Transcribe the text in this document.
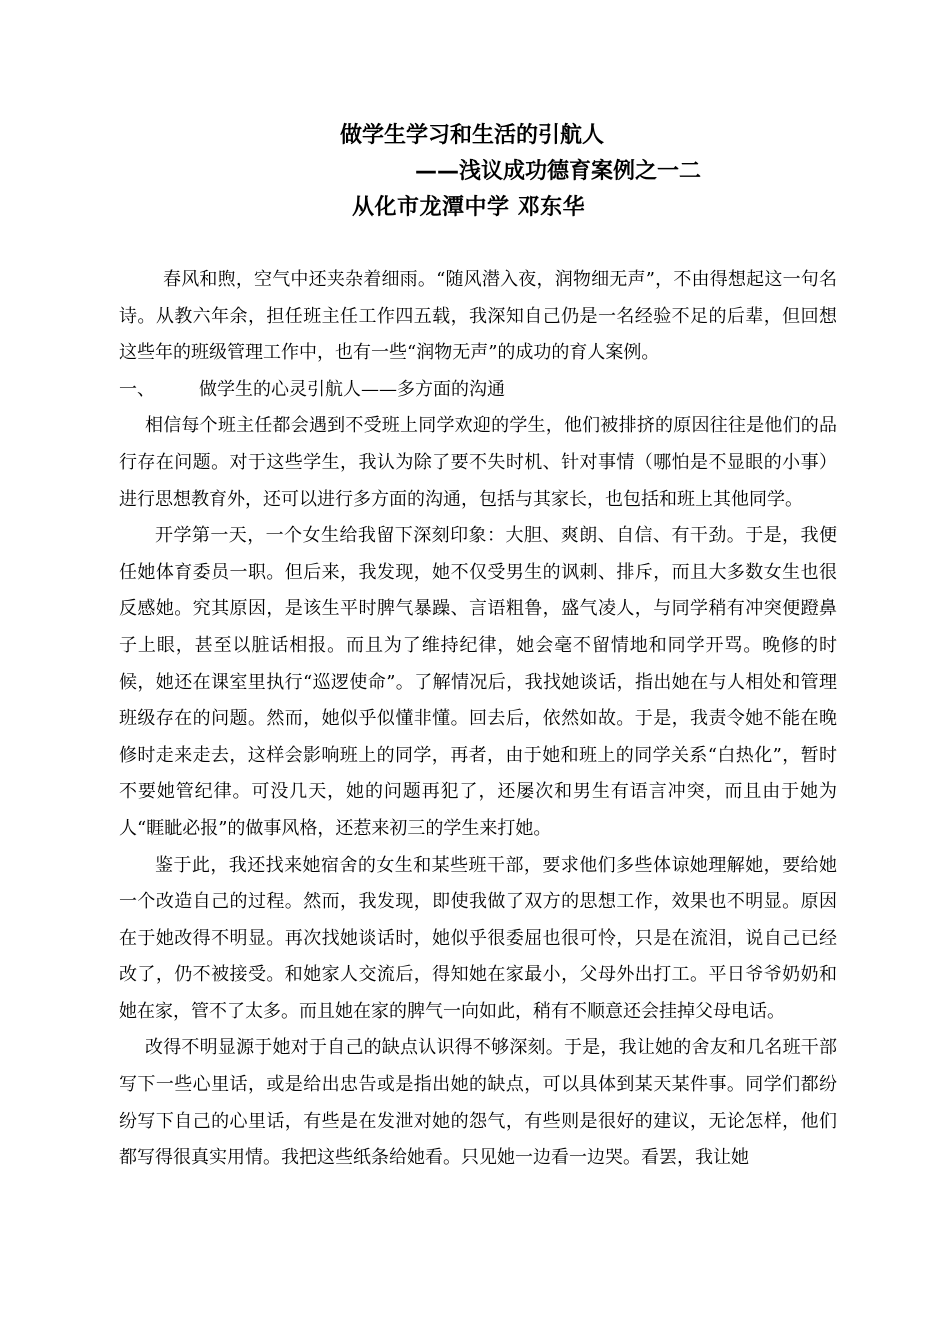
做学生学习和生活的引航人
——浅议成功德育案例之一二
从化市龙潭中学 邓东华

春风和煦，空气中还夹杂着细雨。“随风潜入夜，润物细无声”，不由得想起这一句名诗。从教六年余，担任班主任工作四五载，我深知自己仍是一名经验不足的后辈，但回想这些年的班级管理工作中，也有一些“润物无声”的成功的育人案例。

一、	做学生的心灵引航人——多方面的沟通

相信每个班主任都会遇到不受班上同学欢迎的学生，他们被排挤的原因往往是他们的品行存在问题。对于这些学生，我认为除了要不失时机、针对事情（哪怕是不显眼的小事）进行思想教育外，还可以进行多方面的沟通，包括与其家长，也包括和班上其他同学。

开学第一天，一个女生给我留下深刻印象：大胆、爽朗、自信、有干劲。于是，我便任她体育委员一职。但后来，我发现，她不仅受男生的讽刺、排斥，而且大多数女生也很反感她。究其原因，是该生平时脾气暴躁、言语粗鲁，盛气凌人，与同学稍有冲突便蹬鼻子上眼，甚至以脏话相报。而且为了维持纪律，她会毫不留情地和同学开骂。晚修的时候，她还在课室里执行“巡逻使命”。了解情况后，我找她谈话，指出她在与人相处和管理班级存在的问题。然而，她似乎似懂非懂。回去后，依然如故。于是，我责令她不能在晚修时走来走去，这样会影响班上的同学，再者，由于她和班上的同学关系“白热化”，暂时不要她管纪律。可没几天，她的问题再犯了，还屡次和男生有语言冲突，而且由于她为人“睚眦必报”的做事风格，还惹来初三的学生来打她。

鉴于此，我还找来她宿舍的女生和某些班干部，要求他们多些体谅她理解她，要给她一个改造自己的过程。然而，我发现，即使我做了双方的思想工作，效果也不明显。原因在于她改得不明显。再次找她谈话时，她似乎很委屈也很可怜，只是在流泪，说自己已经改了，仍不被接受。和她家人交流后，得知她在家最小，父母外出打工。平日爷爷奶奶和她在家，管不了太多。而且她在家的脾气一向如此，稍有不顺意还会挂掉父母电话。

改得不明显源于她对于自己的缺点认识得不够深刻。于是，我让她的舍友和几名班干部写下一些心里话，或是给出忠告或是指出她的缺点，可以具体到某天某件事。同学们都纷纷写下自己的心里话，有些是在发泄对她的怨气，有些则是很好的建议，无论怎样，他们都写得很真实用情。我把这些纸条给她看。只见她一边看一边哭。看罢，我让她
